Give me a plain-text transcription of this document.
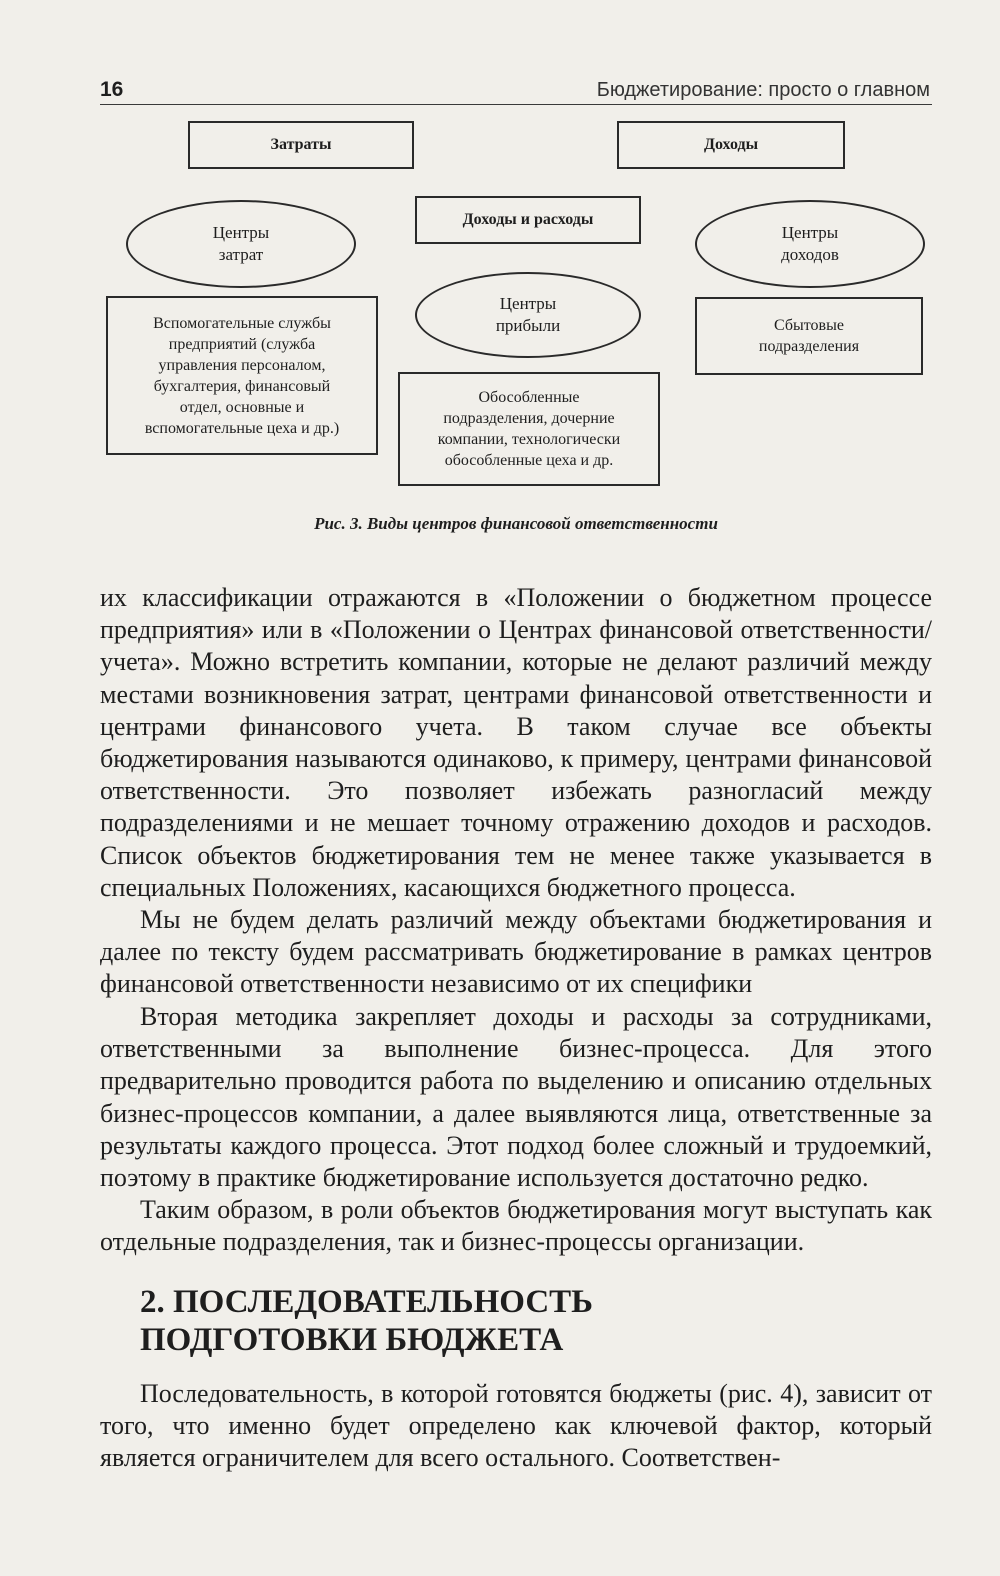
16	Бюджетирование: просто о главном
Затраты	Доходы
Доходы и расходы
Центры
затрат
Центры
прибыли
Центры
доходов
Вспомогательные службы
предприятий (служба
управления персоналом,
бухгалтерия, финансовый
отдел, основные и
вспомогательные цеха и др.)
Обособленные
подразделения, дочерние
компании, технологически
обособленные цеха и др.
Сбытовые
подразделения
Рис. 3. Виды центров финансовой ответственности

их классификации отражаются в «Положении о бюджетном процессе предприятия» или в «Положении о Центрах финансовой ответственности/учета». Можно встретить компании, которые не делают различий между местами возникновения затрат, центрами финансовой ответственности и центрами финансового учета. В таком случае все объекты бюджетирования называются одинаково, к примеру, центрами финансовой ответственности. Это позволяет избежать разногласий между подразделениями и не мешает точному отражению доходов и расходов. Список объектов бюджетирования тем не менее также указывается в специальных Положениях, касающихся бюджетного процесса.

Мы не будем делать различий между объектами бюджетирования и далее по тексту будем рассматривать бюджетирование в рамках центров финансовой ответственности независимо от их специфики

Вторая методика закрепляет доходы и расходы за сотрудниками, ответственными за выполнение бизнес-процесса. Для этого предварительно проводится работа по выделению и описанию отдельных бизнес-процессов компании, а далее выявляются лица, ответственные за результаты каждого процесса. Этот подход более сложный и трудоемкий, поэтому в практике бюджетирование используется достаточно редко.

Таким образом, в роли объектов бюджетирования могут выступать как отдельные подразделения, так и бизнес-процессы организации.

2. ПОСЛЕДОВАТЕЛЬНОСТЬ
ПОДГОТОВКИ БЮДЖЕТА

Последовательность, в которой готовятся бюджеты (рис. 4), зависит от того, что именно будет определено как ключевой фактор, который является ограничителем для всего остального. Соответствен-
